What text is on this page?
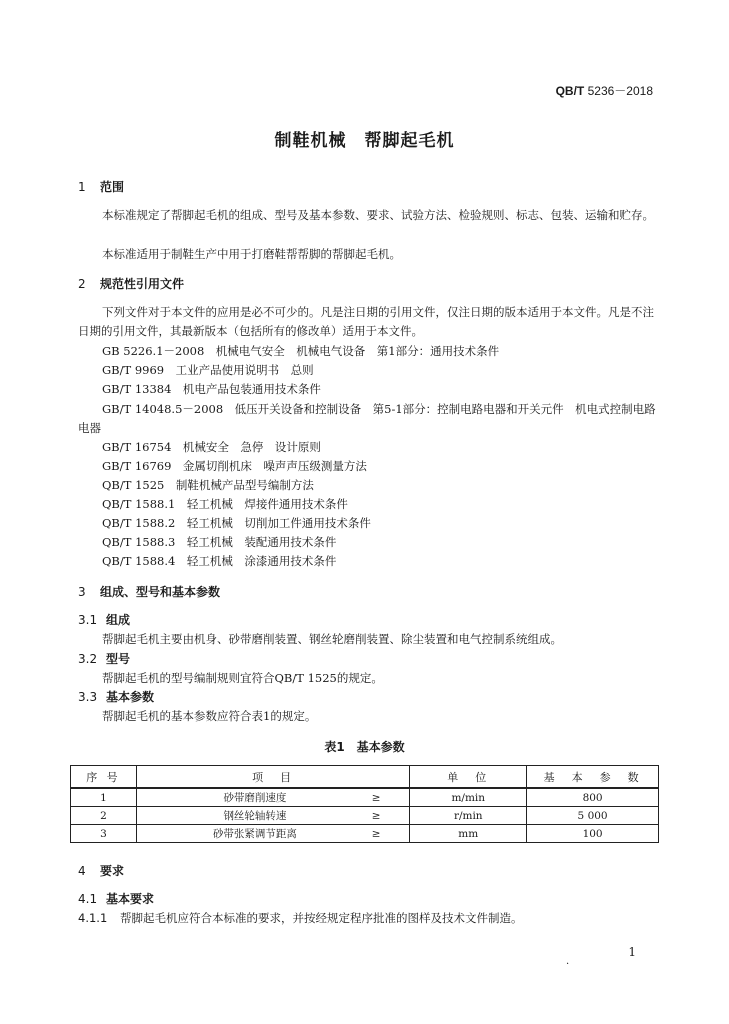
QB/T 5236－2018
制鞋机械　帮脚起毛机
1 范围
本标准规定了帮脚起毛机的组成、型号及基本参数、要求、试验方法、检验规则、标志、包装、运输和贮存。
本标准适用于制鞋生产中用于打磨鞋帮帮脚的帮脚起毛机。
2 规范性引用文件
下列文件对于本文件的应用是必不可少的。凡是注日期的引用文件，仅注日期的版本适用于本文件。凡是不注日期的引用文件，其最新版本（包括所有的修改单）适用于本文件。
GB 5226.1－2008　机械电气安全　机械电气设备　第1部分：通用技术条件
GB/T 9969　工业产品使用说明书　总则
GB/T 13384　机电产品包装通用技术条件
GB/T 14048.5－2008　低压开关设备和控制设备　第5-1部分：控制电路电器和开关元件　机电式控制电路电器
GB/T 16754　机械安全　急停　设计原则
GB/T 16769　金属切削机床　噪声声压级测量方法
QB/T 1525　制鞋机械产品型号编制方法
QB/T 1588.1　轻工机械　焊接件通用技术条件
QB/T 1588.2　轻工机械　切削加工件通用技术条件
QB/T 1588.3　轻工机械　装配通用技术条件
QB/T 1588.4　轻工机械　涂漆通用技术条件
3 组成、型号和基本参数
3.1 组成
帮脚起毛机主要由机身、砂带磨削装置、钢丝轮磨削装置、除尘装置和电气控制系统组成。
3.2 型号
帮脚起毛机的型号编制规则宜符合QB/T 1525的规定。
3.3 基本参数
帮脚起毛机的基本参数应符合表1的规定。
表1　基本参数
序 号	项　目		单　位	基　本　参　数
1	砂带磨削速度	≥	m/min	800
2	钢丝轮轴转速	≥	r/min	5 000
3	砂带张紧调节距离	≥	mm	100
4 要求
4.1 基本要求
4.1.1 帮脚起毛机应符合本标准的要求，并按经规定程序批准的图样及技术文件制造。
.
1
